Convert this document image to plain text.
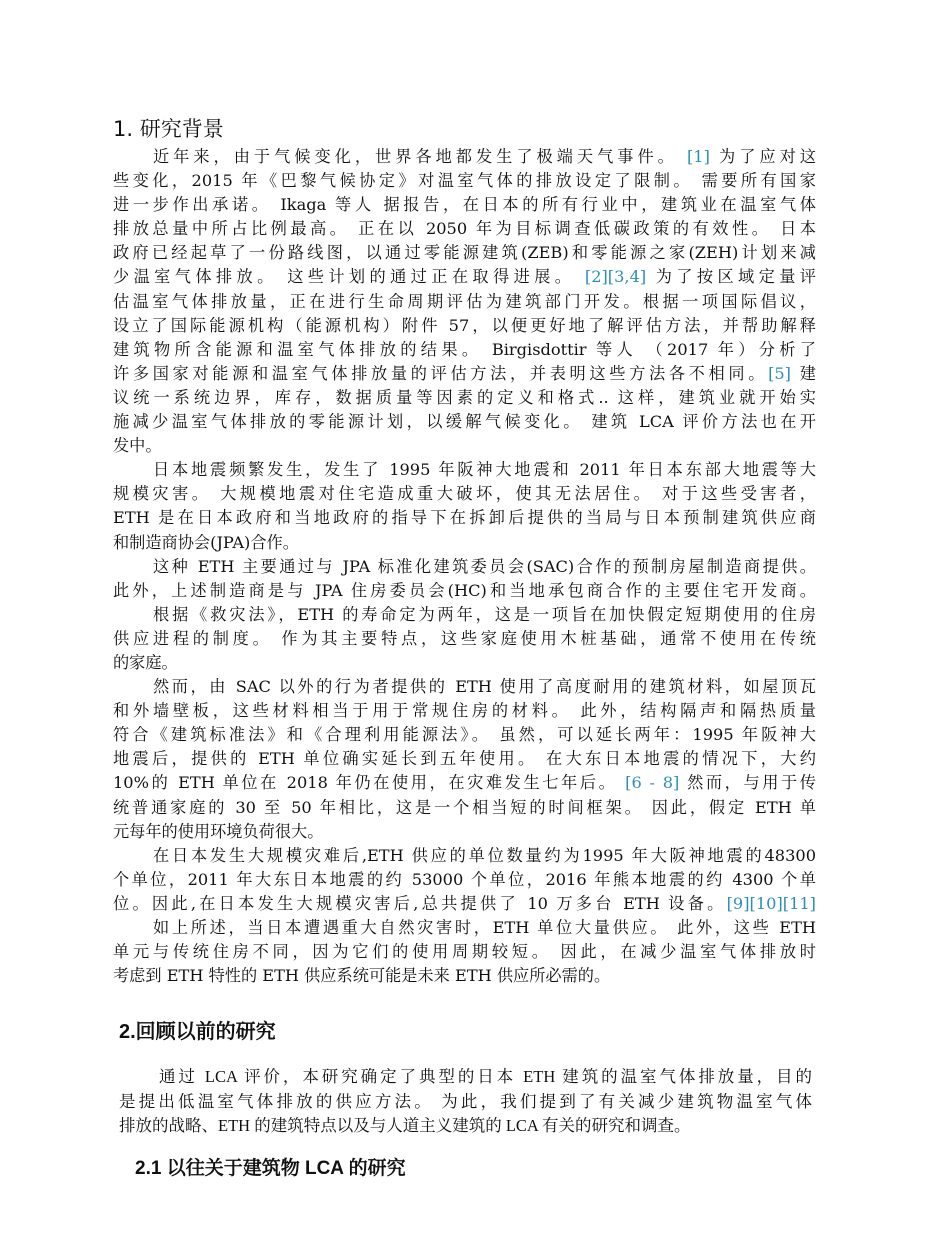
1. 研究背景
近年来，由于气候变化，世界各地都发生了极端天气事件。 [1] 为了应对这
些变化，2015 年《巴黎气候协定》对温室气体的排放设定了限制。 需要所有国家
进一步作出承诺。 Ikaga 等人 据报告，在日本的所有行业中，建筑业在温室气体
排放总量中所占比例最高。 正在以 2050 年为目标调查低碳政策的有效性。 日本
政府已经起草了一份路线图，以通过零能源建筑(ZEB)和零能源之家(ZEH)计划来减
少温室气体排放。 这些计划的通过正在取得进展。 [2][3,4] 为了按区域定量评
估温室气体排放量，正在进行生命周期评估为建筑部门开发。根据一项国际倡议，
设立了国际能源机构（能源机构）附件 57，以便更好地了解评估方法，并帮助解释
建筑物所含能源和温室气体排放的结果。 Birgisdottir 等人 （2017 年）分析了
许多国家对能源和温室气体排放量的评估方法，并表明这些方法各不相同。[5] 建
议统一系统边界，库存，数据质量等因素的定义和格式.. 这样，建筑业就开始实
施减少温室气体排放的零能源计划，以缓解气候变化。 建筑 LCA 评价方法也在开
发中。
日本地震频繁发生，发生了 1995 年阪神大地震和 2011 年日本东部大地震等大
规模灾害。 大规模地震对住宅造成重大破坏，使其无法居住。 对于这些受害者，
ETH 是在日本政府和当地政府的指导下在拆卸后提供的当局与日本预制建筑供应商
和制造商协会(JPA)合作。
这种 ETH 主要通过与 JPA 标准化建筑委员会(SAC)合作的预制房屋制造商提供。
此外，上述制造商是与 JPA 住房委员会(HC)和当地承包商合作的主要住宅开发商。
根据《救灾法》，ETH 的寿命定为两年，这是一项旨在加快假定短期使用的住房
供应进程的制度。 作为其主要特点，这些家庭使用木桩基础，通常不使用在传统
的家庭。
然而，由 SAC 以外的行为者提供的 ETH 使用了高度耐用的建筑材料，如屋顶瓦
和外墙壁板，这些材料相当于用于常规住房的材料。 此外，结构隔声和隔热质量
符合《建筑标准法》和《合理利用能源法》。 虽然，可以延长两年：1995 年阪神大
地震后，提供的 ETH 单位确实延长到五年使用。 在大东日本地震的情况下，大约
10%的 ETH 单位在 2018 年仍在使用，在灾难发生七年后。 [6 - 8] 然而，与用于传
统普通家庭的 30 至 50 年相比，这是一个相当短的时间框架。 因此，假定 ETH 单
元每年的使用环境负荷很大。
在日本发生大规模灾难后,ETH 供应的单位数量约为1995 年大阪神地震的48300
个单位，2011 年大东日本地震的约 53000 个单位，2016 年熊本地震的约 4300 个单
位。因此,在日本发生大规模灾害后,总共提供了 10 万多台 ETH 设备。[9][10][11]
如上所述，当日本遭遇重大自然灾害时，ETH 单位大量供应。 此外，这些 ETH
单元与传统住房不同，因为它们的使用周期较短。 因此，在减少温室气体排放时
考虑到 ETH 特性的 ETH 供应系统可能是未来 ETH 供应所必需的。
2.回顾以前的研究
通过 LCA 评价，本研究确定了典型的日本 ETH 建筑的温室气体排放量，目的
是提出低温室气体排放的供应方法。 为此，我们提到了有关减少建筑物温室气体
排放的战略、ETH 的建筑特点以及与人道主义建筑的 LCA 有关的研究和调查。
2.1 以往关于建筑物 LCA 的研究
